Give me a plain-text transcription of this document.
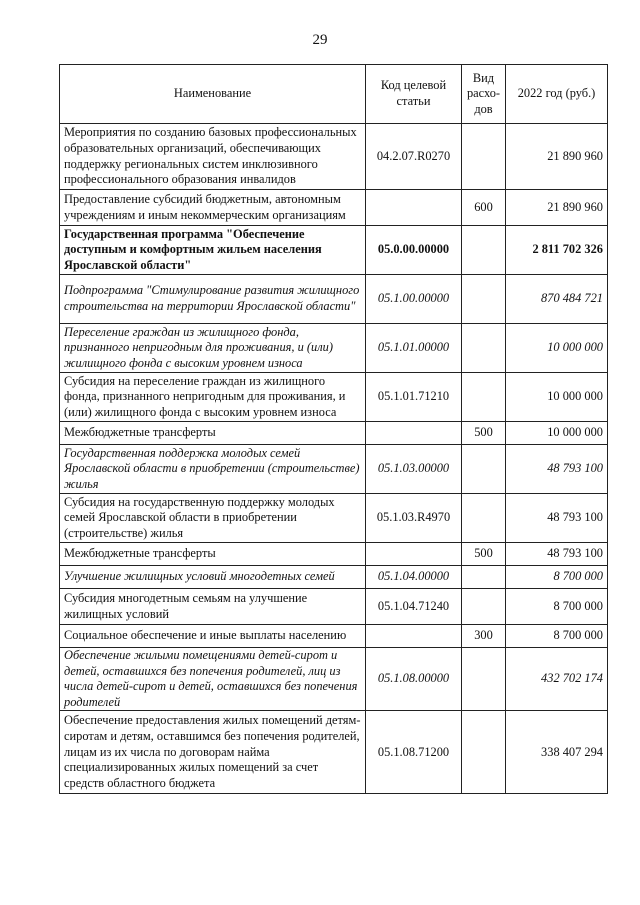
29
Наименование	Код целевой статьи	Вид расхо-дов	2022 год (руб.)
Мероприятия по созданию базовых профессиональных образовательных организаций, обеспечивающих поддержку региональных систем инклюзивного профессионального образования инвалидов	04.2.07.R0270		21 890 960
Предоставление субсидий бюджетным, автономным учреждениям и иным некоммерческим организациям		600	21 890 960
Государственная программа "Обеспечение доступным и комфортным жильем населения Ярославской области"	05.0.00.00000		2 811 702 326
Подпрограмма "Стимулирование развития жилищного строительства на территории Ярославской области"	05.1.00.00000		870 484 721
Переселение граждан из жилищного фонда, признанного непригодным для проживания, и (или) жилищного фонда с высоким уровнем износа	05.1.01.00000		10 000 000
Субсидия на переселение граждан из жилищного фонда, признанного непригодным для проживания, и (или) жилищного фонда с высоким уровнем износа	05.1.01.71210		10 000 000
Межбюджетные трансферты		500	10 000 000
Государственная поддержка молодых семей Ярославской области в приобретении (строительстве) жилья	05.1.03.00000		48 793 100
Субсидия на государственную поддержку молодых семей Ярославской области в приобретении (строительстве) жилья	05.1.03.R4970		48 793 100
Межбюджетные трансферты		500	48 793 100
Улучшение жилищных условий многодетных семей	05.1.04.00000		8 700 000
Субсидия многодетным семьям на улучшение жилищных условий	05.1.04.71240		8 700 000
Социальное обеспечение и иные выплаты населению		300	8 700 000
Обеспечение жилыми помещениями детей-сирот и детей, оставшихся без попечения родителей, лиц из числа детей-сирот и детей, оставшихся без попечения родителей	05.1.08.00000		432 702 174
Обеспечение предоставления жилых помещений детям-сиротам и детям, оставшимся без попечения родителей, лицам из их числа по договорам найма специализированных жилых помещений за счет средств областного бюджета	05.1.08.71200		338 407 294
